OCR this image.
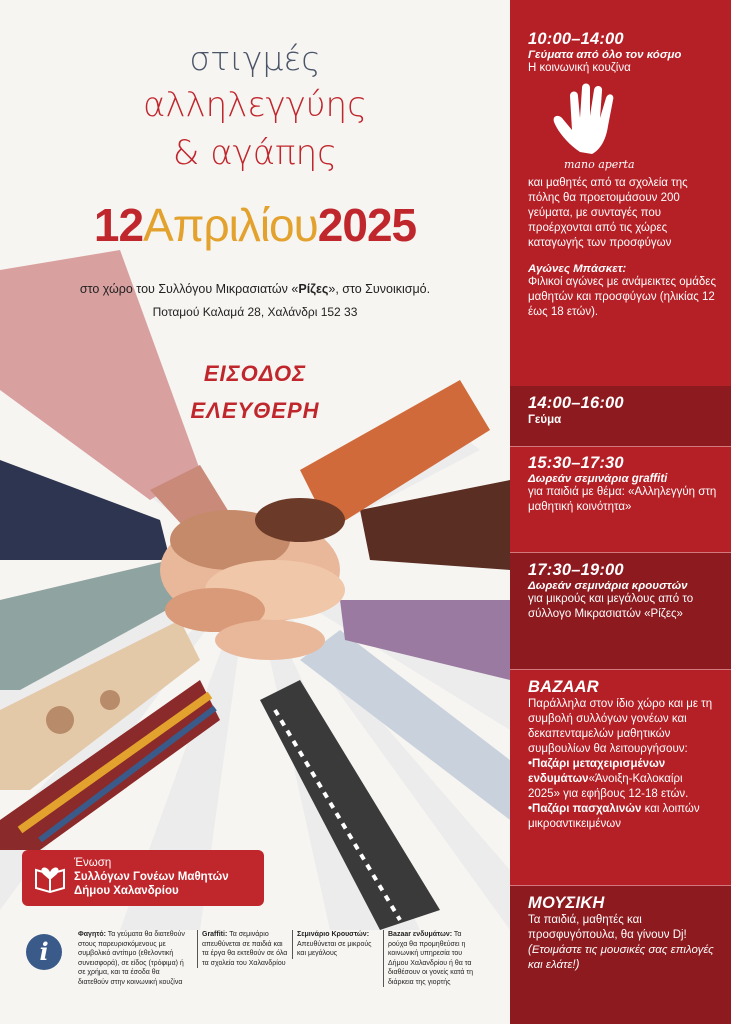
στιγμές
αλληλεγγύης
& αγάπης
12Απριλίου2025
στο χώρο του Συλλόγου Μικρασιατών «Ρίζες», στο Συνοικισμό.
Ποταμού Καλαμά 28, Χαλάνδρι 152 33
ΕΙΣΟΔΟΣ
ΕΛΕΥΘΕΡΗ
Ένωση
Συλλόγων Γονέων Μαθητών
Δήμου Χαλανδρίου
i
Φαγητό: Τα γεύματα θα διατεθούν στους παρευρισκόμενους με συμβολικό αντίτιμο (εθελοντική συνεισφορά), σε είδος (τρόφιμα) ή σε χρήμα, και τα έσοδα θα διατεθούν στην κοινωνική κουζίνα
Graffiti: Τα σεμινάριο απευθύνεται σε παιδιά και τα έργα θα εκτεθούν σε όλα τα σχολεία του Χαλανδρίου
Σεμινάριο Κρουστών: Απευθύνεται σε μικρούς και μεγάλους
Bazaar ενδυμάτων: Τα ρούχα θα προμηθεύσει η κοινωνική υπηρεσία του Δήμου Χαλανδρίου ή θα τα διαθέσουν οι γονείς κατά τη διάρκεια της γιορτής
10:00–14:00
Γεύματα από όλο τον κόσμο
Η κοινωνική κουζίνα
mano aperta
και μαθητές από τα σχολεία της πόλης θα προετοιμάσουν 200 γεύματα, με συνταγές που προέρχονται από τις χώρες καταγωγής των προσφύγων
Αγώνες Μπάσκετ:
Φιλικοί αγώνες με ανάμεικτες ομάδες μαθητών και προσφύγων (ηλικίας 12 έως 18 ετών).
14:00–16:00
Γεύμα
15:30–17:30
Δωρεάν σεμινάρια graffiti
για παιδιά με θέμα: «Αλληλεγγύη στη μαθητική κοινότητα»
17:30–19:00
Δωρεάν σεμινάρια κρουστών
για μικρούς και μεγάλους από το σύλλογο Μικρασιατών «Ρίζες»
BAZAAR
Παράλληλα στον ίδιο χώρο και με τη συμβολή συλλόγων γονέων και δεκαπενταμελών μαθητικών συμβουλίων θα λειτουργήσουν:
•Παζάρι μεταχειρισμένων ενδυμάτων«Άνοιξη-Καλοκαίρι 2025» για εφήβους 12-18 ετών.
•Παζάρι πασχαλινών και λοιπών μικροαντικειμένων
ΜΟΥΣΙΚΗ
Τα παιδιά, μαθητές και προσφυγόπουλα, θα γίνουν Dj!
(Ετοιμάστε τις μουσικές σας επιλογές και ελάτε!)
